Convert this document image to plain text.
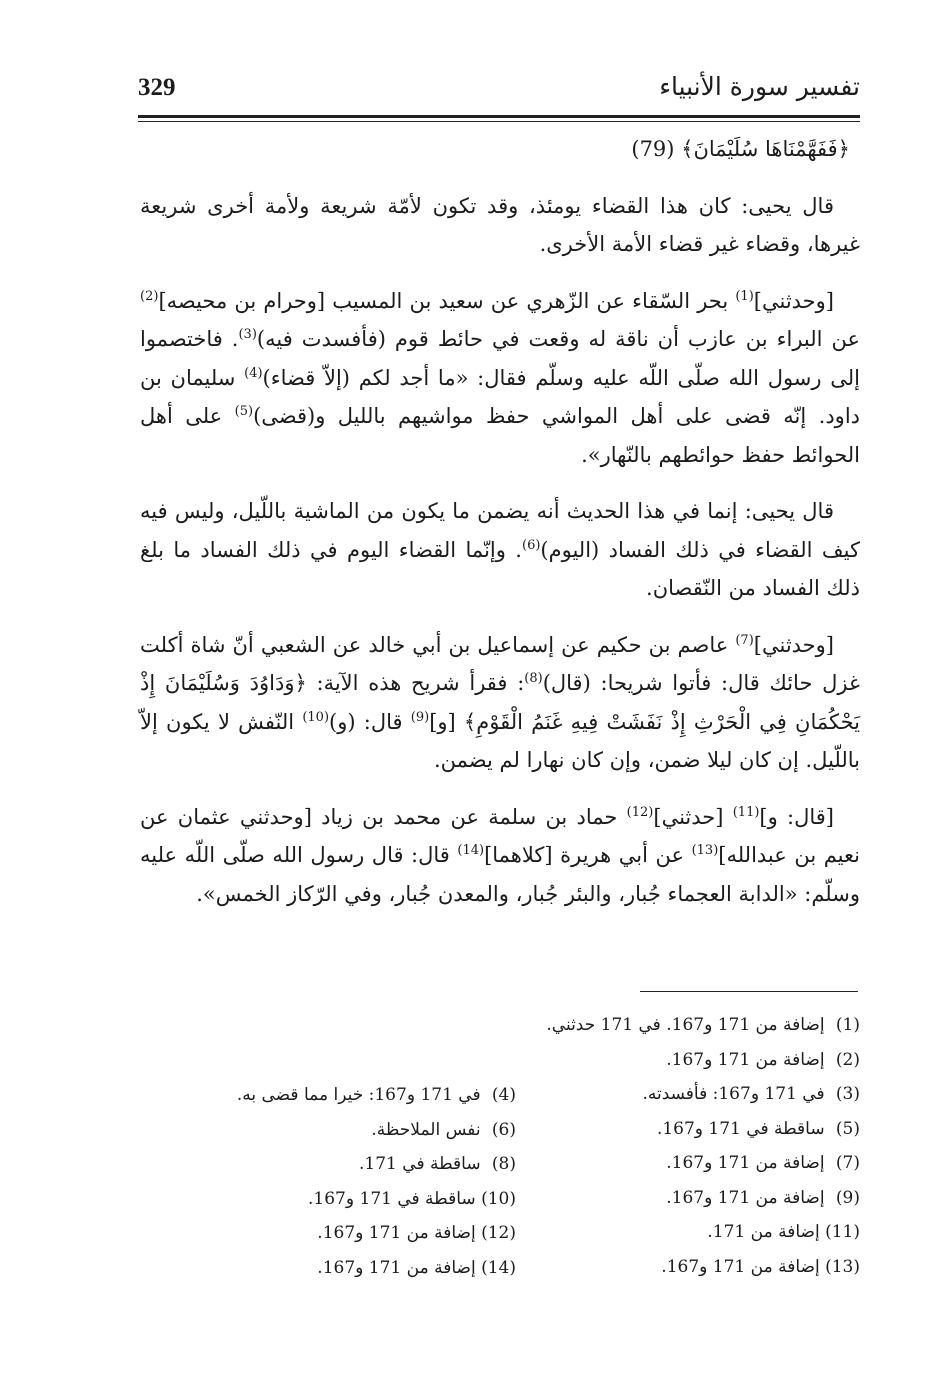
329	تفسير سورة الأنبياء

﴿فَفَهَّمْنَاهَا سُلَيْمَانَ﴾ (79)

قال يحيى: كان هذا القضاء يومئذ، وقد تكون لأمّة شريعة ولأمة أخرى شريعة غيرها، وقضاء غير قضاء الأمة الأخرى.

[وحدثني]$^{(1)}$ بحر السّقاء عن الزّهري عن سعيد بن المسيب [وحرام بن محيصه]$^{(2)}$ عن البراء بن عازب أن ناقة له وقعت في حائط قوم (فأفسدت فيه)$^{(3)}$. فاختصموا إلى رسول الله صلّى اللّه عليه وسلّم فقال: «ما أجد لكم (إلاّ قضاء)$^{(4)}$ سليمان بن داود. إنّه قضى على أهل المواشي حفظ مواشيهم بالليل و(قضى)$^{(5)}$ على أهل الحوائط حفظ حوائطهم بالنّهار».

قال يحيى: إنما في هذا الحديث أنه يضمن ما يكون من الماشية باللّيل، وليس فيه كيف القضاء في ذلك الفساد (اليوم)$^{(6)}$. وإنّما القضاء اليوم في ذلك الفساد ما بلغ ذلك الفساد من النّقصان.

[وحدثني]$^{(7)}$ عاصم بن حكيم عن إسماعيل بن أبي خالد عن الشعبي أنّ شاة أكلت غزل حائك قال: فأتوا شريحا: (قال)$^{(8)}$: فقرأ شريح هذه الآية: ﴿وَدَاوُدَ وَسُلَيْمَانَ إِذْ يَحْكُمَانِ فِي الْحَرْثِ إِذْ نَفَشَتْ فِيهِ غَنَمُ الْقَوْمِ﴾ [و]$^{(9)}$ قال: (و)$^{(10)}$ النّفش لا يكون إلاّ باللّيل. إن كان ليلا ضمن، وإن كان نهارا لم يضمن.

[قال: و]$^{(11)}$ [حدثني]$^{(12)}$ حماد بن سلمة عن محمد بن زياد [وحدثني عثمان عن نعيم بن عبدالله]$^{(13)}$ عن أبي هريرة [كلاهما]$^{(14)}$ قال: قال رسول الله صلّى اللّه عليه وسلّم: «الدابة العجماء جُبار، والبئر جُبار، والمعدن جُبار، وفي الرّكاز الخمس».

(1) إضافة من 171 و167. في 171 حدثني.
(2) إضافة من 171 و167.
(3) في 171 و167: فأفسدته.
(5) ساقطة في 171 و167.
(7) إضافة من 171 و167.
(9) إضافة من 171 و167.
(11) إضافة من 171.
(13) إضافة من 171 و167.
(4) في 171 و167: خيرا مما قضى به.
(6) نفس الملاحظة.
(8) ساقطة في 171.
(10) ساقطة في 171 و167.
(12) إضافة من 171 و167.
(14) إضافة من 171 و167.
